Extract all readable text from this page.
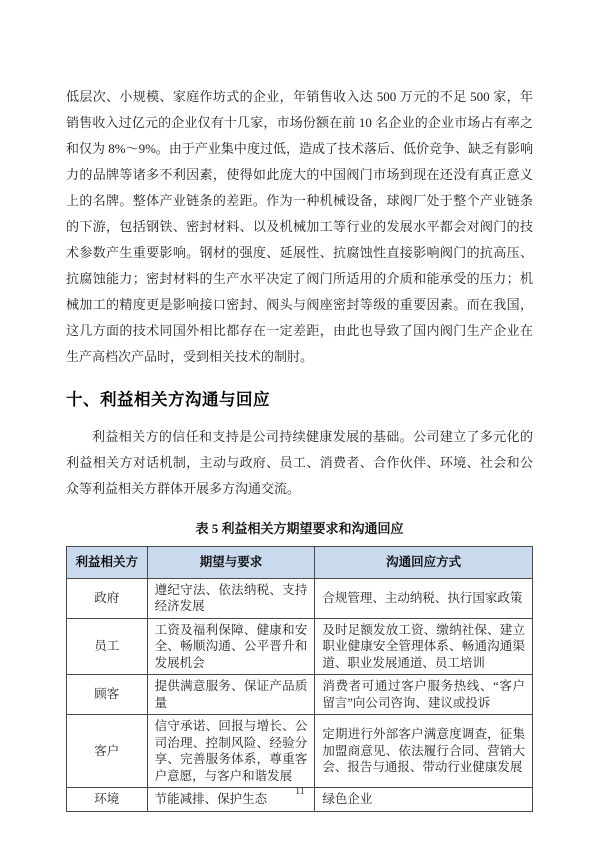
低层次、小规模、家庭作坊式的企业，年销售收入达 500 万元的不足 500 家，年销售收入过亿元的企业仅有十几家，市场份额在前 10 名企业的企业市场占有率之和仅为 8%～9%。由于产业集中度过低，造成了技术落后、低价竞争、缺乏有影响力的品牌等诸多不利因素，使得如此庞大的中国阀门市场到现在还没有真正意义上的名牌。整体产业链条的差距。作为一种机械设备，球阀厂处于整个产业链条的下游，包括钢铁、密封材料、以及机械加工等行业的发展水平都会对阀门的技术参数产生重要影响。钢材的强度、延展性、抗腐蚀性直接影响阀门的抗高压、抗腐蚀能力；密封材料的生产水平决定了阀门所适用的介质和能承受的压力；机械加工的精度更是影响接口密封、阀头与阀座密封等级的重要因素。而在我国，这几方面的技术同国外相比都存在一定差距，由此也导致了国内阀门生产企业在生产高档次产品时，受到相关技术的制肘。

十、利益相关方沟通与回应

利益相关方的信任和支持是公司持续健康发展的基础。公司建立了多元化的利益相关方对话机制，主动与政府、员工、消费者、合作伙伴、环境、社会和公众等利益相关方群体开展多方沟通交流。

表 5 利益相关方期望要求和沟通回应
利益相关方	期望与要求	沟通回应方式
政府	遵纪守法、依法纳税、支持经济发展	合规管理、主动纳税、执行国家政策
员工	工资及福利保障、健康和安全、畅顺沟通、公平晋升和发展机会	及时足额发放工资、缴纳社保、建立职业健康安全管理体系、畅通沟通渠道、职业发展通道、员工培训
顾客	提供满意服务、保证产品质量	消费者可通过客户服务热线、“客户留言”向公司咨询、建议或投诉
客户	信守承诺、回报与增长、公司治理、控制风险、经验分享、完善服务体系，尊重客户意愿，与客户和谐发展	定期进行外部客户满意度调查，征集加盟商意见、依法履行合同、营销大会、报告与通报、带动行业健康发展
环境	节能减排、保护生态	绿色企业
11
